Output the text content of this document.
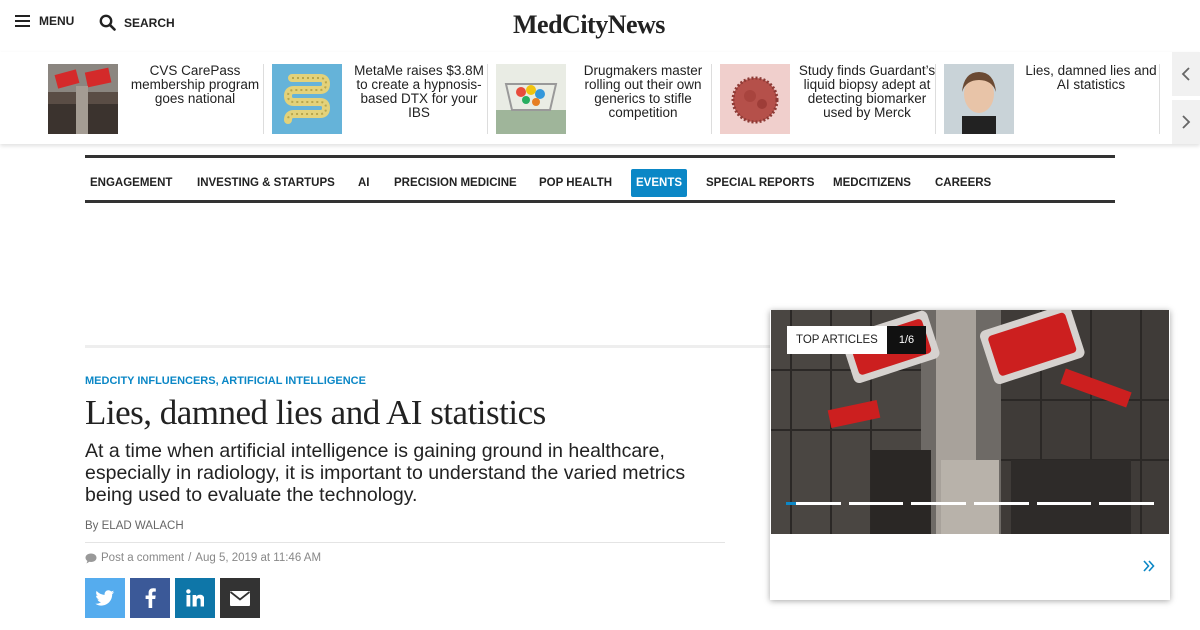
MENU	SEARCH	MedCityNews
CVS CarePass membership program goes national
MetaMe raises $3.8M to create a hypnosis-based DTX for your IBS
Drugmakers master rolling out their own generics to stifle competition
Study finds Guardant’s liquid biopsy adept at detecting biomarker used by Merck
Lies, damned lies and AI statistics
ENGAGEMENT	INVESTING & STARTUPS	AI	PRECISION MEDICINE	POP HEALTH	EVENTS	SPECIAL REPORTS	MEDCITIZENS	CAREERS
MEDCITY INFLUENCERS, ARTIFICIAL INTELLIGENCE
Lies, damned lies and AI statistics

At a time when artificial intelligence is gaining ground in healthcare, especially in radiology, it is important to understand the varied metrics being used to evaluate the technology.

By ELAD WALACH
Post a comment / Aug 5, 2019 at 11:46 AM
TOP ARTICLES	1/6
